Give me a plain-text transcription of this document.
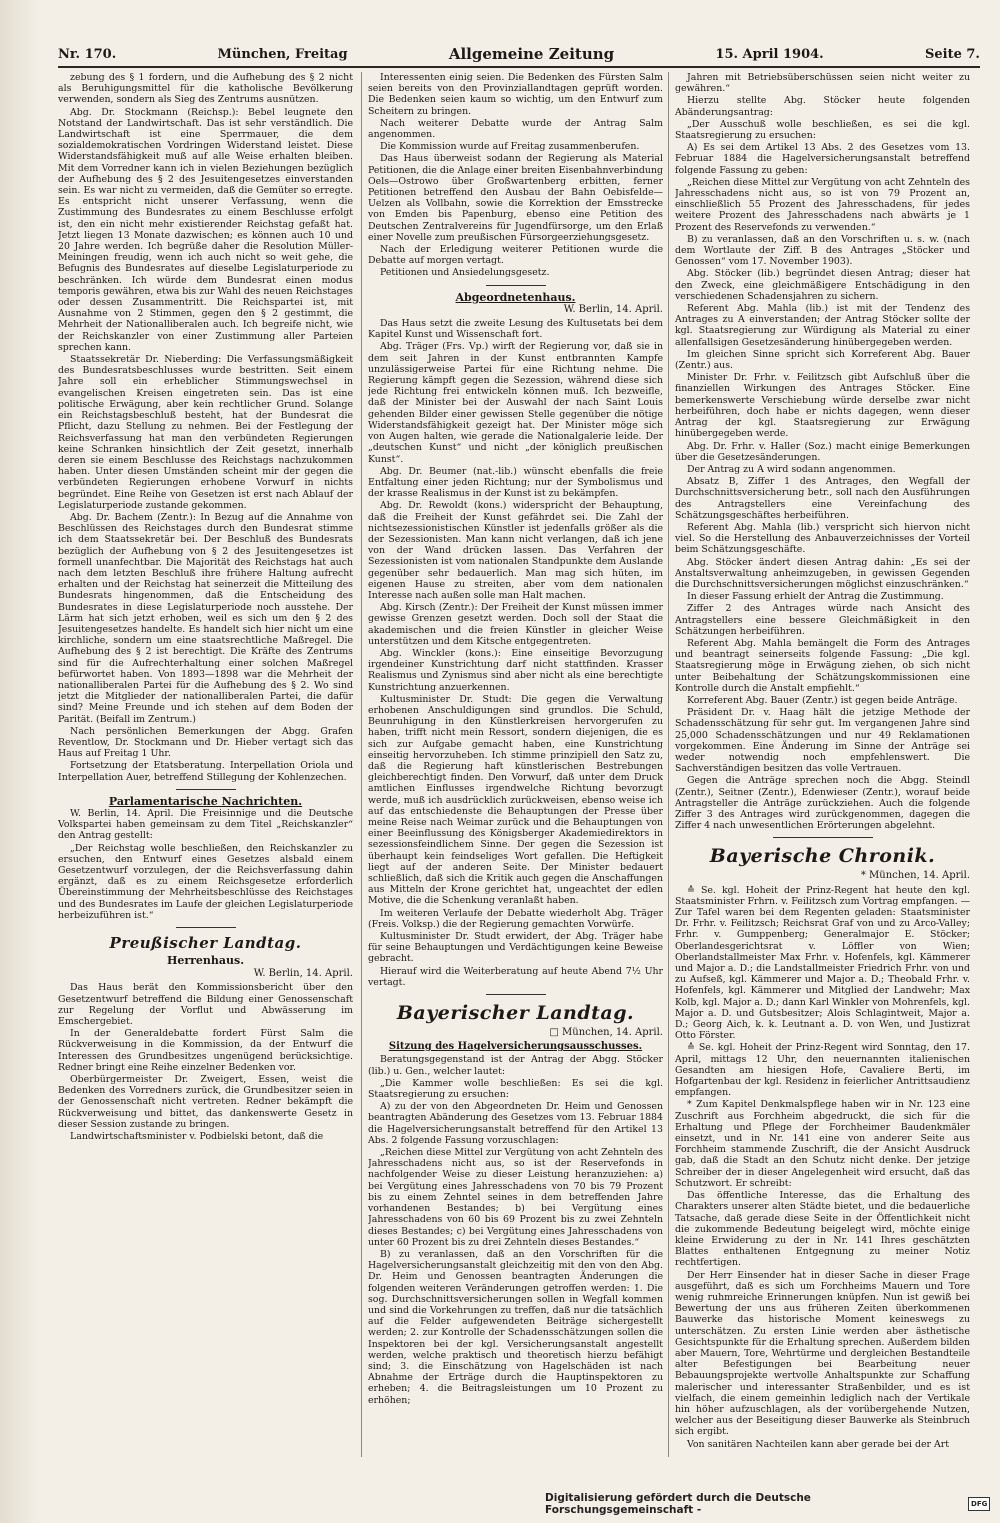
Nr. 170.	München, Freitag	Allgemeine Zeitung	15. April 1904.	Seite 7.

zebung des § 1 fordern, und die Aufhebung des § 2 nicht als Beruhigungsmittel für die katholische Bevölkerung verwenden, sondern als Sieg des Zentrums ausnützen.

Abg. Dr. Stockmann (Reichsp.): Bebel leugnete den Notstand der Landwirtschaft. Das ist sehr verständlich. Die Landwirtschaft ist eine Sperrmauer, die dem sozialdemokratischen Vordringen Widerstand leistet. Diese Widerstandsfähigkeit muß auf alle Weise erhalten bleiben. Mit dem Vorredner kann ich in vielen Beziehungen bezüglich der Aufhebung des § 2 des Jesuitengesetzes einverstanden sein. Es war nicht zu vermeiden, daß die Gemüter so erregte. Es entspricht nicht unserer Verfassung, wenn die Zustimmung des Bundesrates zu einem Beschlusse erfolgt ist, den ein nicht mehr existierender Reichstag gefaßt hat. Jetzt liegen 13 Monate dazwischen; es können auch 10 und 20 Jahre werden. Ich begrüße daher die Resolution Müller-Meiningen freudig, wenn ich auch nicht so weit gehe, die Befugnis des Bundesrates auf dieselbe Legislaturperiode zu beschränken. Ich würde dem Bundesrat einen modus temporis gewähren, etwa bis zur Wahl des neuen Reichstages oder dessen Zusammentritt. Die Reichspartei ist, mit Ausnahme von 2 Stimmen, gegen den § 2 gestimmt, die Mehrheit der Nationalliberalen auch. Ich begreife nicht, wie der Reichskanzler von einer Zustimmung aller Parteien sprechen kann.

Staatssekretär Dr. Nieberding: Die Verfassungsmäßigkeit des Bundesratsbeschlusses wurde bestritten. Seit einem Jahre soll ein erheblicher Stimmungswechsel in evangelischen Kreisen eingetreten sein. Das ist eine politische Erwägung, aber kein rechtlicher Grund. Solange ein Reichstagsbeschluß besteht, hat der Bundesrat die Pflicht, dazu Stellung zu nehmen. Bei der Festlegung der Reichsverfassung hat man den verbündeten Regierungen keine Schranken hinsichtlich der Zeit gesetzt, innerhalb deren sie einem Beschlusse des Reichstags nachzukommen haben. Unter diesen Umständen scheint mir der gegen die verbündeten Regierungen erhobene Vorwurf in nichts begründet. Eine Reihe von Gesetzen ist erst nach Ablauf der Legislaturperiode zustande gekommen.

Abg. Dr. Bachem (Zentr.): In Bezug auf die Annahme von Beschlüssen des Reichstages durch den Bundesrat stimme ich dem Staatssekretär bei. Der Beschluß des Bundesrats bezüglich der Aufhebung von § 2 des Jesuitengesetzes ist formell unanfechtbar. Die Majorität des Reichstags hat auch nach dem letzten Beschluß ihre frühere Haltung aufrecht erhalten und der Reichstag hat seinerzeit die Mitteilung des Bundesrats hingenommen, daß die Entscheidung des Bundesrates in diese Legislaturperiode noch ausstehe. Der Lärm hat sich jetzt erhoben, weil es sich um den § 2 des Jesuitengesetzes handelte. Es handelt sich hier nicht um eine kirchliche, sondern um eine staatsrechtliche Maßregel. Die Aufhebung des § 2 ist berechtigt. Die Kräfte des Zentrums sind für die Aufrechterhaltung einer solchen Maßregel befürwortet haben. Von 1893—1898 war die Mehrheit der nationalliberalen Partei für die Aufhebung des § 2. Wo sind jetzt die Mitglieder der nationalliberalen Partei, die dafür sind? Meine Freunde und ich stehen auf dem Boden der Parität. (Beifall im Zentrum.)

Nach persönlichen Bemerkungen der Abgg. Grafen Reventlow, Dr. Stockmann und Dr. Hieber vertagt sich das Haus auf Freitag 1 Uhr.

Fortsetzung der Etatsberatung. Interpellation Oriola und Interpellation Auer, betreffend Stillegung der Kohlenzechen.

Parlamentarische Nachrichten.

W. Berlin, 14. April. Die Freisinnige und die Deutsche Volkspartei haben gemeinsam zu dem Titel „Reichskanzler“ den Antrag gestellt:

„Der Reichstag wolle beschließen, den Reichskanzler zu ersuchen, den Entwurf eines Gesetzes alsbald einem Gesetzentwurf vorzulegen, der die Reichsverfassung dahin ergänzt, daß es zu einem Reichsgesetze erforderlich Übereinstimmung der Mehrheitsbeschlüsse des Reichstages und des Bundesrates im Laufe der gleichen Legislaturperiode herbeizuführen ist.“

Preußischer Landtag.
Herrenhaus.
W. Berlin, 14. April.

Das Haus berät den Kommissionsbericht über den Gesetzentwurf betreffend die Bildung einer Genossenschaft zur Regelung der Vorflut und Abwässerung im Emschergebiet.

In der Generaldebatte fordert Fürst Salm die Rückverweisung in die Kommission, da der Entwurf die Interessen des Grundbesitzes ungenügend berücksichtige. Redner bringt eine Reihe einzelner Bedenken vor.

Oberbürgermeister Dr. Zweigert, Essen, weist die Bedenken des Vorredners zurück, die Grundbesitzer seien in der Genossenschaft nicht vertreten. Redner bekämpft die Rückverweisung und bittet, das dankenswerte Gesetz in dieser Session zustande zu bringen.

Landwirtschaftsminister v. Podbielski betont, daß die

Interessenten einig seien. Die Bedenken des Fürsten Salm seien bereits von den Provinziallandtagen geprüft worden. Die Bedenken seien kaum so wichtig, um den Entwurf zum Scheitern zu bringen.

Nach weiterer Debatte wurde der Antrag Salm angenommen.

Die Kommission wurde auf Freitag zusammenberufen.

Das Haus überweist sodann der Regierung als Material Petitionen, die die Anlage einer breiten Eisenbahnverbindung Oels—Ostrowo über Großwartenberg erbitten, ferner Petitionen betreffend den Ausbau der Bahn Oebisfelde—Uelzen als Vollbahn, sowie die Korrektion der Emsstrecke von Emden bis Papenburg, ebenso eine Petition des Deutschen Zentralvereins für Jugendfürsorge, um den Erlaß einer Novelle zum preußischen Fürsorgeerziehungsgesetz.

Nach der Erledigung weiterer Petitionen wurde die Debatte auf morgen vertagt.

Petitionen und Ansiedelungsgesetz.

Abgeordnetenhaus.
W. Berlin, 14. April.

Das Haus setzt die zweite Lesung des Kultusetats bei dem Kapitel Kunst und Wissenschaft fort.

Abg. Träger (Frs. Vp.) wirft der Regierung vor, daß sie in dem seit Jahren in der Kunst entbrannten Kampfe unzulässigerweise Partei für eine Richtung nehme. Die Regierung kämpft gegen die Sezession, während diese sich jede Richtung frei entwickeln können muß. Ich bezweifle, daß der Minister bei der Auswahl der nach Saint Louis gehenden Bilder einer gewissen Stelle gegenüber die nötige Widerstandsfähigkeit gezeigt hat. Der Minister möge sich von Augen halten, wie gerade die Nationalgalerie leide. Der „deutschen Kunst“ und nicht „der königlich preußischen Kunst“.

Abg. Dr. Beumer (nat.-lib.) wünscht ebenfalls die freie Entfaltung einer jeden Richtung; nur der Symbolismus und der krasse Realismus in der Kunst ist zu bekämpfen.

Abg. Dr. Rewoldt (kons.) widerspricht der Behauptung, daß die Freiheit der Kunst gefährdet sei. Die Zahl der nichtsezessionistischen Künstler ist jedenfalls größer als die der Sezessionisten. Man kann nicht verlangen, daß ich jene von der Wand drücken lassen. Das Verfahren der Sezessionisten ist vom nationalen Standpunkte dem Auslande gegenüber sehr bedauerlich. Man mag sich hüten, im eigenen Hause zu streiten, aber vom dem nationalen Interesse nach außen solle man Halt machen.

Abg. Kirsch (Zentr.): Der Freiheit der Kunst müssen immer gewisse Grenzen gesetzt werden. Doch soll der Staat die akademischen und die freien Künstler in gleicher Weise unterstützen und dem Kitsche entgegentreten.

Abg. Winckler (kons.): Eine einseitige Bevorzugung irgendeiner Kunstrichtung darf nicht stattfinden. Krasser Realismus und Zynismus sind aber nicht als eine berechtigte Kunstrichtung anzuerkennen.

Kultusminister Dr. Studt: Die gegen die Verwaltung erhobenen Anschuldigungen sind grundlos. Die Schuld, Beunruhigung in den Künstlerkreisen hervorgerufen zu haben, trifft nicht mein Ressort, sondern diejenigen, die es sich zur Aufgabe gemacht haben, eine Kunstrichtung einseitig hervorzuheben. Ich stimme prinzipiell den Satz zu, daß die Regierung haft künstlerischen Bestrebungen gleichberechtigt finden. Den Vorwurf, daß unter dem Druck amtlichen Einflusses irgendwelche Richtung bevorzugt werde, muß ich ausdrücklich zurückweisen, ebenso weise ich auf das entschiedenste die Behauptungen der Presse über meine Reise nach Weimar zurück und die Behauptungen von einer Beeinflussung des Königsberger Akademiedirektors in sezessionsfeindlichem Sinne. Der gegen die Sezession ist überhaupt kein feindseliges Wort gefallen. Die Heftigkeit liegt auf der anderen Seite. Der Minister bedauert schließlich, daß sich die Kritik auch gegen die Anschaffungen aus Mitteln der Krone gerichtet hat, ungeachtet der edlen Motive, die die Schenkung veranlaßt haben.

Im weiteren Verlaufe der Debatte wiederholt Abg. Träger (Freis. Volksp.) die der Regierung gemachten Vorwürfe.

Kultusminister Dr. Studt erwidert, der Abg. Träger habe für seine Behauptungen und Verdächtigungen keine Beweise gebracht.

Hierauf wird die Weiterberatung auf heute Abend 7½ Uhr vertagt.

Bayerischer Landtag.
□ München, 14. April.
Sitzung des Hagelversicherungsausschusses.

Beratungsgegenstand ist der Antrag der Abgg. Stöcker (lib.) u. Gen., welcher lautet:

„Die Kammer wolle beschließen: Es sei die kgl. Staatsregierung zu ersuchen:

A) zu der von den Abgeordneten Dr. Heim und Genossen beantragten Abänderung des Gesetzes vom 13. Februar 1884 die Hagelversicherungsanstalt betreffend für den Artikel 13 Abs. 2 folgende Fassung vorzuschlagen:

„Reichen diese Mittel zur Vergütung von acht Zehnteln des Jahresschadens nicht aus, so ist der Reservefonds in nachfolgender Weise zu dieser Leistung heranzuziehen: a) bei Vergütung eines Jahresschadens von 70 bis 79 Prozent bis zu einem Zehntel seines in dem betreffenden Jahre vorhandenen Bestandes; b) bei Vergütung eines Jahresschadens von 60 bis 69 Prozent bis zu zwei Zehnteln dieses Bestandes; c) bei Vergütung eines Jahresschadens von unter 60 Prozent bis zu drei Zehnteln dieses Bestandes.“

B) zu veranlassen, daß an den Vorschriften für die Hagelversicherungsanstalt gleichzeitig mit den von den Abg. Dr. Heim und Genossen beantragten Änderungen die folgenden weiteren Veränderungen getroffen werden: 1. Die sog. Durchschnittsversicherungen sollen in Wegfall kommen und sind die Vorkehrungen zu treffen, daß nur die tatsächlich auf die Felder aufgewendeten Beiträge sichergestellt werden; 2. zur Kontrolle der Schadensschätzungen sollen die Inspektoren bei der kgl. Versicherungsanstalt angestellt werden, welche praktisch und theoretisch hierzu befähigt sind; 3. die Einschätzung von Hagelschäden ist nach Abnahme der Erträge durch die Hauptinspektoren zu erheben; 4. die Beitragsleistungen um 10 Prozent zu erhöhen;

Jahren mit Betriebsüberschüssen seien nicht weiter zu gewähren.“

Hierzu stellte Abg. Stöcker heute folgenden Abänderungsantrag:

„Der Ausschuß wolle beschließen, es sei die kgl. Staatsregierung zu ersuchen:

A) Es sei dem Artikel 13 Abs. 2 des Gesetzes vom 13. Februar 1884 die Hagelversicherungsanstalt betreffend folgende Fassung zu geben:

„Reichen diese Mittel zur Vergütung von acht Zehnteln des Jahresschadens nicht aus, so ist von 79 Prozent an, einschließlich 55 Prozent des Jahresschadens, für jedes weitere Prozent des Jahresschadens nach abwärts je 1 Prozent des Reservefonds zu verwenden.“

B) zu veranlassen, daß an den Vorschriften u. s. w. (nach dem Wortlaute der Ziff. B des Antrages „Stöcker und Genossen“ vom 17. November 1903).

Abg. Stöcker (lib.) begründet diesen Antrag; dieser hat den Zweck, eine gleichmäßigere Entschädigung in den verschiedenen Schadensjahren zu sichern.

Referent Abg. Mahla (lib.) ist mit der Tendenz des Antrages zu A einverstanden; der Antrag Stöcker sollte der kgl. Staatsregierung zur Würdigung als Material zu einer allenfallsigen Gesetzesänderung hinübergegeben werden.

Im gleichen Sinne spricht sich Korreferent Abg. Bauer (Zentr.) aus.

Minister Dr. Frhr. v. Feilitzsch gibt Aufschluß über die finanziellen Wirkungen des Antrages Stöcker. Eine bemerkenswerte Verschiebung würde derselbe zwar nicht herbeiführen, doch habe er nichts dagegen, wenn dieser Antrag der kgl. Staatsregierung zur Erwägung hinübergegeben werde.

Abg. Dr. Frhr. v. Haller (Soz.) macht einige Bemerkungen über die Gesetzesänderungen.

Der Antrag zu A wird sodann angenommen.

Absatz B, Ziffer 1 des Antrages, den Wegfall der Durchschnittsversicherung betr., soll nach den Ausführungen des Antragstellers eine Vereinfachung des Schätzungsgeschäftes herbeiführen.

Referent Abg. Mahla (lib.) verspricht sich hiervon nicht viel. So die Herstellung des Anbauverzeichnisses der Vorteil beim Schätzungsgeschäfte.

Abg. Stöcker ändert diesen Antrag dahin: „Es sei der Anstaltsverwaltung anheimzugeben, in gewissen Gegenden die Durchschnittsversicherungen möglichst einzuschränken.“

In dieser Fassung erhielt der Antrag die Zustimmung.

Ziffer 2 des Antrages würde nach Ansicht des Antragstellers eine bessere Gleichmäßigkeit in den Schätzungen herbeiführen.

Referent Abg. Mahla bemängelt die Form des Antrages und beantragt seinerseits folgende Fassung: „Die kgl. Staatsregierung möge in Erwägung ziehen, ob sich nicht unter Beibehaltung der Schätzungskommissionen eine Kontrolle durch die Anstalt empfiehlt.“

Korreferent Abg. Bauer (Zentr.) ist gegen beide Anträge.

Präsident Dr. v. Haag hält die jetzige Methode der Schadensschätzung für sehr gut. Im vergangenen Jahre sind 25,000 Schadensschätzungen und nur 49 Reklamationen vorgekommen. Eine Änderung im Sinne der Anträge sei weder notwendig noch empfehlenswert. Die Sachverständigen besitzen das volle Vertrauen.

Gegen die Anträge sprechen noch die Abgg. Steindl (Zentr.), Seitner (Zentr.), Edenwieser (Zentr.), worauf beide Antragsteller die Anträge zurückziehen. Auch die folgende Ziffer 3 des Antrages wird zurückgenommen, dagegen die Ziffer 4 nach unwesentlichen Erörterungen abgelehnt.

Bayerische Chronik.
* München, 14. April.

≙ Se. kgl. Hoheit der Prinz-Regent hat heute den kgl. Staatsminister Frhrn. v. Feilitzsch zum Vortrag empfangen. — Zur Tafel waren bei dem Regenten geladen: Staatsminister Dr. Frhr. v. Feilitzsch; Reichsrat Graf von und zu Arco-Valley; Frhr. v. Gumppenberg; Generalmajor E. Stöcker; Oberlandesgerichtsrat v. Löffler von Wien; Oberlandstallmeister Max Frhr. v. Hofenfels, kgl. Kämmerer und Major a. D.; die Landstallmeister Friedrich Frhr. von und zu Aufseß, kgl. Kämmerer und Major a. D.; Theobald Frhr. v. Hofenfels, kgl. Kämmerer und Mitglied der Landwehr; Max Kolb, kgl. Major a. D.; dann Karl Winkler von Mohrenfels, kgl. Major a. D. und Gutsbesitzer; Alois Schlagintweit, Major a. D.; Georg Aich, k. k. Leutnant a. D. von Wen, und Justizrat Otto Förster.

≙ Se. kgl. Hoheit der Prinz-Regent wird Sonntag, den 17. April, mittags 12 Uhr, den neuernannten italienischen Gesandten am hiesigen Hofe, Cavaliere Berti, im Hofgartenbau der kgl. Residenz in feierlicher Antrittsaudienz empfangen.

* Zum Kapitel Denkmalspflege haben wir in Nr. 123 eine Zuschrift aus Forchheim abgedruckt, die sich für die Erhaltung und Pflege der Forchheimer Baudenkmäler einsetzt, und in Nr. 141 eine von anderer Seite aus Forchheim stammende Zuschrift, die der Ansicht Ausdruck gab, daß die Stadt an den Schutz nicht denke. Der jetzige Schreiber der in dieser Angelegenheit wird ersucht, daß das Schutzwort. Er schreibt:

Das öffentliche Interesse, das die Erhaltung des Charakters unserer alten Städte bietet, und die bedauerliche Tatsache, daß gerade diese Seite in der Öffentlichkeit nicht die zukommende Bedeutung beigelegt wird, möchte einige kleine Erwiderung zu der in Nr. 141 Ihres geschätzten Blattes enthaltenen Entgegnung zu meiner Notiz rechtfertigen.

Der Herr Einsender hat in dieser Sache in dieser Frage ausgeführt, daß es sich um Forchheims Mauern und Tore wenig ruhmreiche Erinnerungen knüpfen. Nun ist gewiß bei Bewertung der uns aus früheren Zeiten überkommenen Bauwerke das historische Moment keineswegs zu unterschätzen. Zu ersten Linie werden aber ästhetische Gesichtspunkte für die Erhaltung sprechen. Außerdem bilden aber Mauern, Tore, Wehrtürme und dergleichen Bestandteile alter Befestigungen bei Bearbeitung neuer Bebauungsprojekte wertvolle Anhaltspunkte zur Schaffung malerischer und interessanter Straßenbilder, und es ist vielfach, die einem gemeinhin lediglich nach der Vertikale hin höher aufzuschlagen, als der vorübergehende Nutzen, welcher aus der Beseitigung dieser Bauwerke als Steinbruch sich ergibt.

Von sanitären Nachteilen kann aber gerade bei der Art

Digitalisierung gefördert durch die Deutsche Forschungsgemeinschaft -	DFG
